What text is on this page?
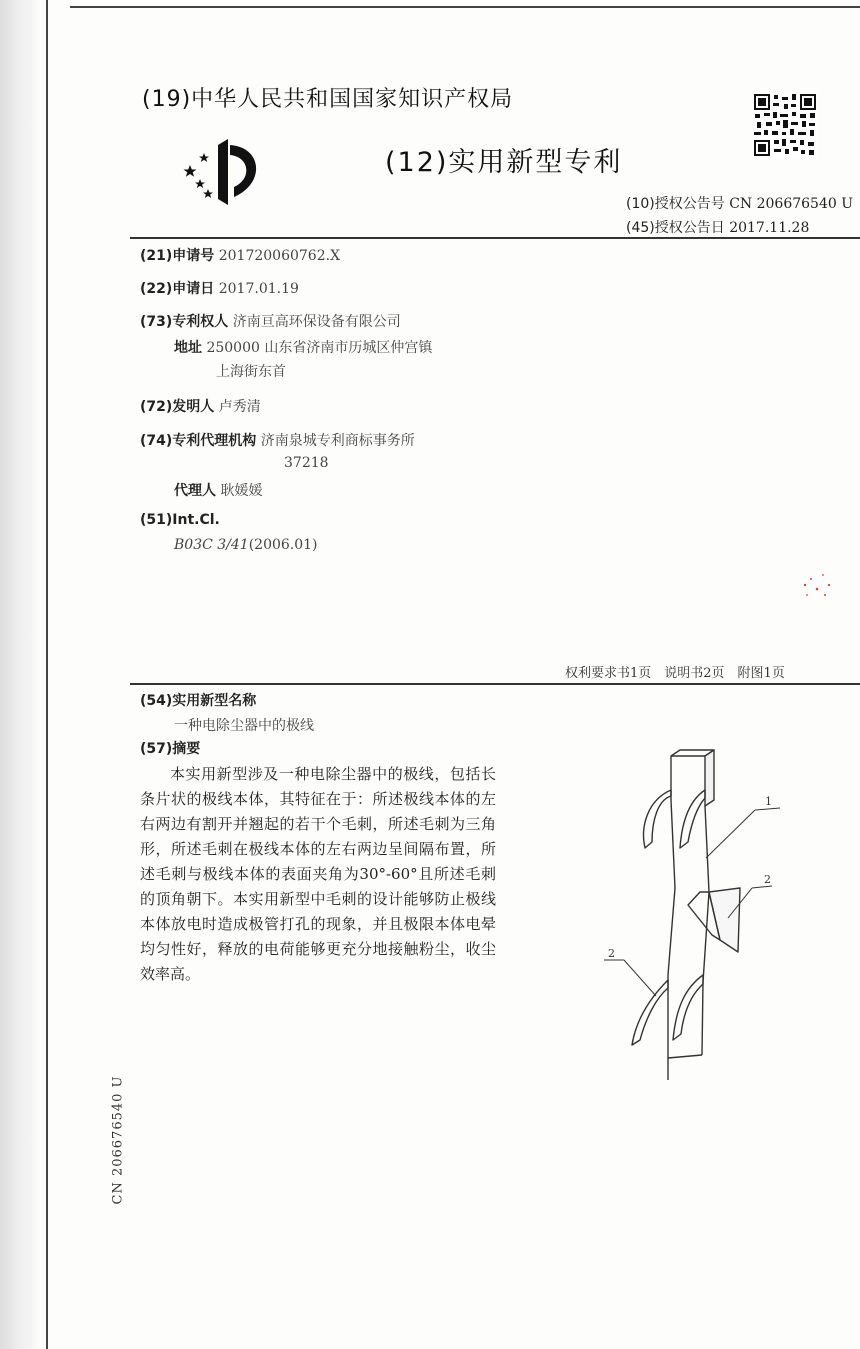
(19)中华人民共和国国家知识产权局
(12)实用新型专利
(10)授权公告号 CN 206676540 U
(45)授权公告日 2017.11.28
(21)申请号 201720060762.X
(22)申请日 2017.01.19
(73)专利权人 济南亘高环保设备有限公司
地址 250000 山东省济南市历城区仲宫镇
上海街东首
(72)发明人 卢秀清
(74)专利代理机构 济南泉城专利商标事务所
37218
代理人 耿媛媛
(51)Int.Cl.
B03C 3/41(2006.01)
权利要求书1页　说明书2页　附图1页
(54)实用新型名称
一种电除尘器中的极线
(57)摘要

本实用新型涉及一种电除尘器中的极线，包括长条片状的极线本体，其特征在于：所述极线本体的左右两边有割开并翘起的若干个毛刺，所述毛刺为三角形，所述毛刺在极线本体的左右两边呈间隔布置，所述毛刺与极线本体的表面夹角为30°-60°且所述毛刺的顶角朝下。本实用新型中毛刺的设计能够防止极线本体放电时造成极管打孔的现象，并且极限本体电晕均匀性好，释放的电荷能够更充分地接触粉尘，收尘效率高。

1
2
2
CN 206676540 U
